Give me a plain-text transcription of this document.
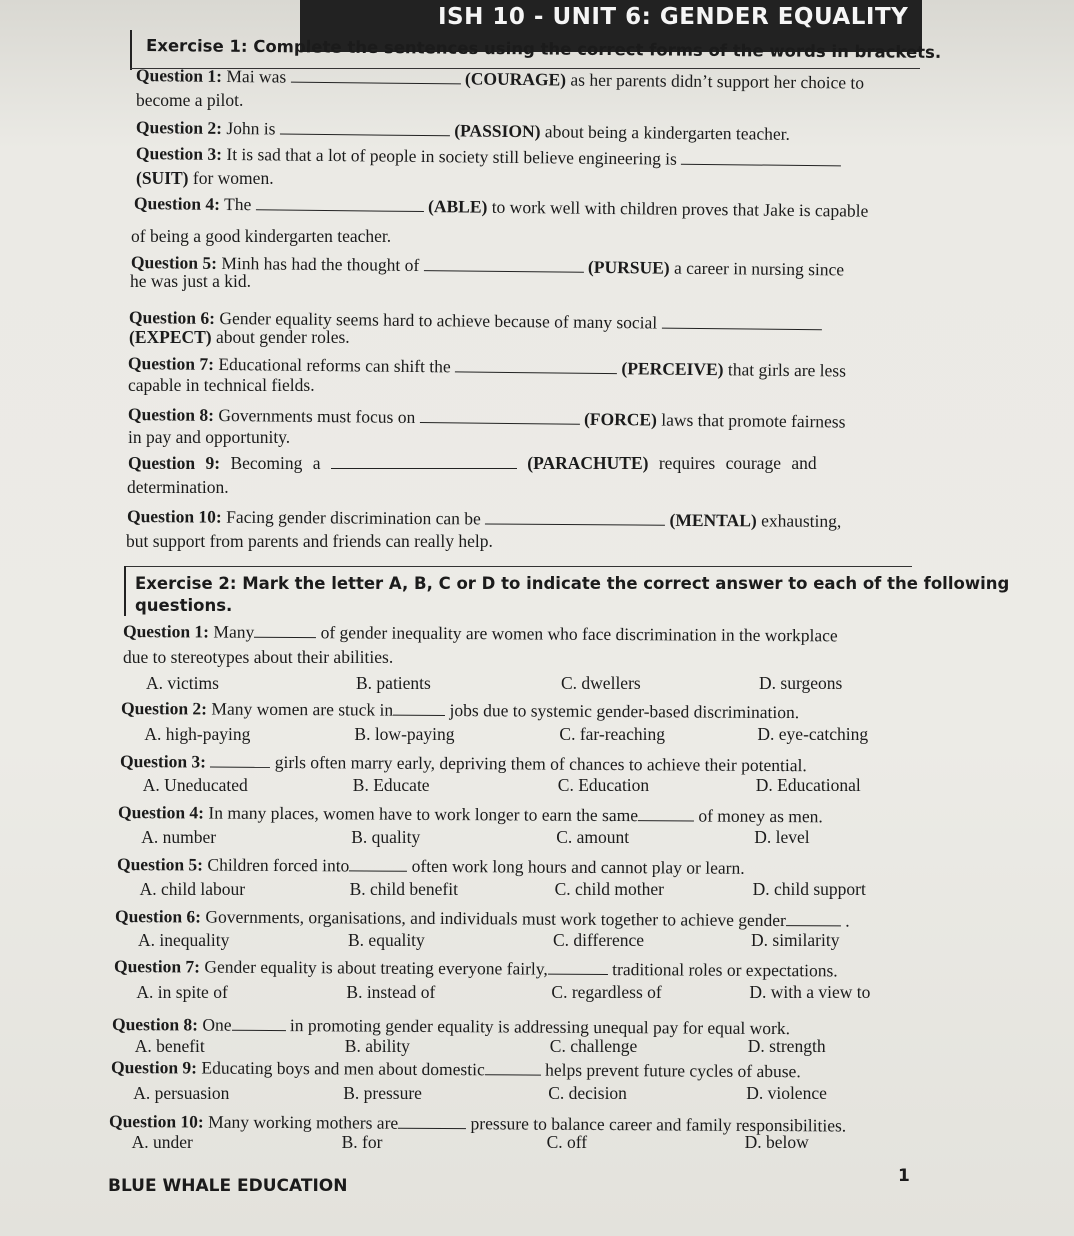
ISH 10 - UNIT 6: GENDER EQUALITY
Exercise 1: Complete the sentences using the correct forms of the words in brackets.
Question 1: Mai was	(COURAGE) as her parents didn’t support her choice to
become a pilot.
Question 2: John is	(PASSION) about being a kindergarten teacher.
Question 3: It is sad that a lot of people in society still believe engineering is
(SUIT) for women.
Question 4: The	(ABLE) to work well with children proves that Jake is capable
of being a good kindergarten teacher.
Question 5: Minh has had the thought of	(PURSUE) a career in nursing since
he was just a kid.
Question 6: Gender equality seems hard to achieve because of many social
(EXPECT) about gender roles.
Question 7: Educational reforms can shift the	(PERCEIVE) that girls are less
capable in technical fields.
Question 8: Governments must focus on	(FORCE) laws that promote fairness
in pay and opportunity.
Question 9: Becoming a	(PARACHUTE) requires courage and
determination.
Question 10: Facing gender discrimination can be	(MENTAL) exhausting,
but support from parents and friends can really help.
Exercise 2: Mark the letter A, B, C or D to indicate the correct answer to each of the following
questions.
Question 1: Many	of gender inequality are women who face discrimination in the workplace
due to stereotypes about their abilities.
A. victims	B. patients	C. dwellers	D. surgeons
Question 2: Many women are stuck in	jobs due to systemic gender-based discrimination.
A. high-paying	B. low-paying	C. far-reaching	D. eye-catching
Question 3:	girls often marry early, depriving them of chances to achieve their potential.
A. Uneducated	B. Educate	C. Education	D. Educational
Question 4: In many places, women have to work longer to earn the same	of money as men.
A. number	B. quality	C. amount	D. level
Question 5: Children forced into	often work long hours and cannot play or learn.
A. child labour	B. child benefit	C. child mother	D. child support
Question 6: Governments, organisations, and individuals must work together to achieve gender	.
A. inequality	B. equality	C. difference	D. similarity
Question 7: Gender equality is about treating everyone fairly,	traditional roles or expectations.
A. in spite of	B. instead of	C. regardless of	D. with a view to
Question 8: One	in promoting gender equality is addressing unequal pay for equal work.
A. benefit	B. ability	C. challenge	D. strength
Question 9: Educating boys and men about domestic	helps prevent future cycles of abuse.
A. persuasion	B. pressure	C. decision	D. violence
Question 10: Many working mothers are	pressure to balance career and family responsibilities.
A. under	B. for	C. off	D. below
BLUE WHALE EDUCATION	1
